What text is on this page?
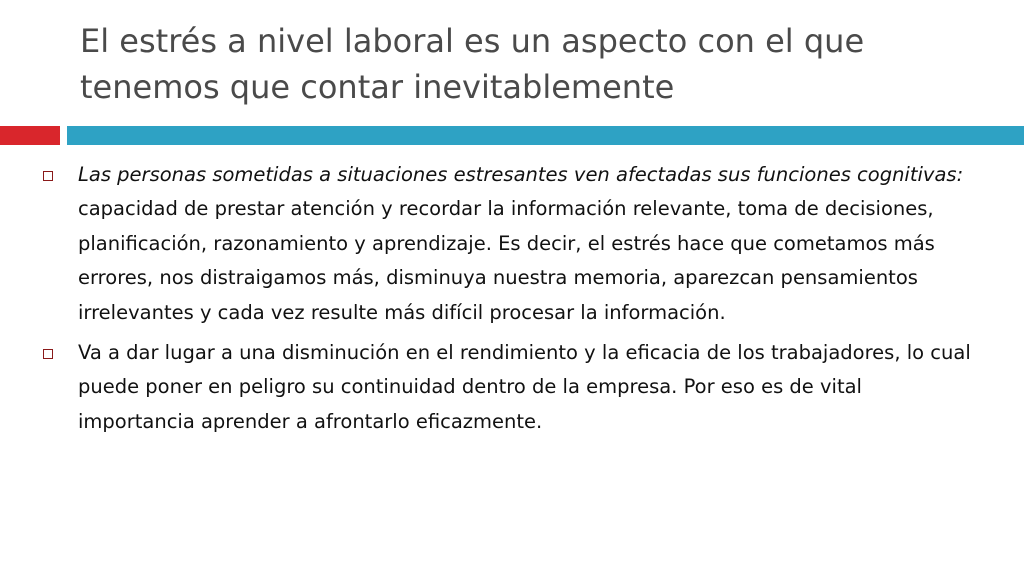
El estrés a nivel laboral es un aspecto con el que tenemos que contar inevitablemente
Las personas sometidas a situaciones estresantes ven afectadas sus funciones cognitivas: capacidad de prestar atención y recordar la información relevante, toma de decisiones, planificación, razonamiento y aprendizaje. Es decir, el estrés hace que cometamos más errores, nos distraigamos más, disminuya nuestra memoria, aparezcan pensamientos irrelevantes y cada vez resulte más difícil procesar la información.
Va a dar lugar a una disminución en el rendimiento y la eficacia de los trabajadores, lo cual puede poner en peligro su continuidad dentro de la empresa. Por eso es de vital importancia aprender a afrontarlo eficazmente.
